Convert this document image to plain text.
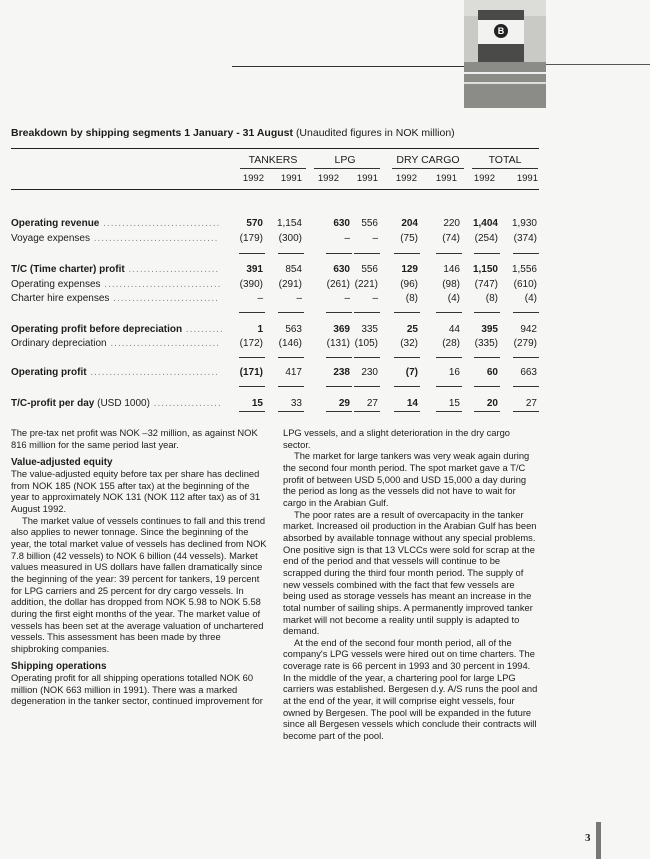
B
Breakdown by shipping segments 1 January - 31 August (Unaudited figures in NOK million)
TANKERS	LPG	DRY CARGO	TOTAL
1992	1991	1992	1991	1992	1991	1992	1991
Operating revenue ...............................	570	1,154	630	556	204	220	1,404	1,930
Voyage expenses .................................	(179)	(300)	–	–	(75)	(74)	(254)	(374)
T/C (Time charter) profit ........................	391	854	630	556	129	146	1,150	1,556
Operating expenses ...............................	(390)	(291)	(261) (221)	(96)	(98)	(747)	(610)
Charter hire expenses ............................	–	–	–	–	(8)	(4)	(8)	(4)
Operating profit before depreciation ..........	1	563	369	335	25	44	395	942
Ordinary depreciation .............................	(172)	(146)	(131) (105)	(32)	(28)	(335)	(279)
Operating profit ..................................	(171)	417	238	230	(7)	16	60	663
T/C-profit per day (USD 1000) ..................	15	33	29	27	14	15	20	27

The pre-tax net profit was NOK –32 million, as against NOK 816 million for the same period last year.

Value-adjusted equity

The value-adjusted equity before tax per share has declined from NOK 185 (NOK 155 after tax) at the beginning of the year to approximately NOK 131 (NOK 112 after tax) as of 31 August 1992.

The market value of vessels continues to fall and this trend also applies to newer tonnage. Since the beginning of the year, the total market value of vessels has declined from NOK 7.8 billion (42 vessels) to NOK 6 billion (44 vessels). Market values measured in US dollars have fallen dramatically since the beginning of the year: 39 percent for tankers, 19 percent for LPG carriers and 25 percent for dry cargo vessels. In addition, the dollar has dropped from NOK 5.98 to NOK 5.58 during the first eight months of the year. The market value of vessels has been set at the average valuation of unchartered vessels. This assessment has been made by three shipbroking companies.

Shipping operations

Operating profit for all shipping operations totalled NOK 60 million (NOK 663 million in 1991). There was a marked degeneration in the tanker sector, continued improvement for

LPG vessels, and a slight deterioration in the dry cargo sector.

The market for large tankers was very weak again during the second four month period. The spot market gave a T/C profit of between USD 5,000 and USD 15,000 a day during the period as long as the vessels did not have to wait for cargo in the Arabian Gulf.

The poor rates are a result of overcapacity in the tanker market. Increased oil production in the Arabian Gulf has been absorbed by available tonnage without any special problems. One positive sign is that 13 VLCCs were sold for scrap at the end of the period and that vessels will continue to be scrapped during the third four month period. The supply of new vessels combined with the fact that few vessels are being used as storage vessels has meant an increase in the total number of sailing ships. A permanently improved tanker market will not become a reality until supply is adapted to demand.

At the end of the second four month period, all of the company's LPG vessels were hired out on time charters. The coverage rate is 66 percent in 1993 and 30 percent in 1994. In the middle of the year, a chartering pool for large LPG carriers was established. Bergesen d.y. A/S runs the pool and at the end of the year, it will comprise eight vessels, four owned by Bergesen. The pool will be expanded in the future since all Bergesen vessels which conclude their contracts will become part of the pool.

3
